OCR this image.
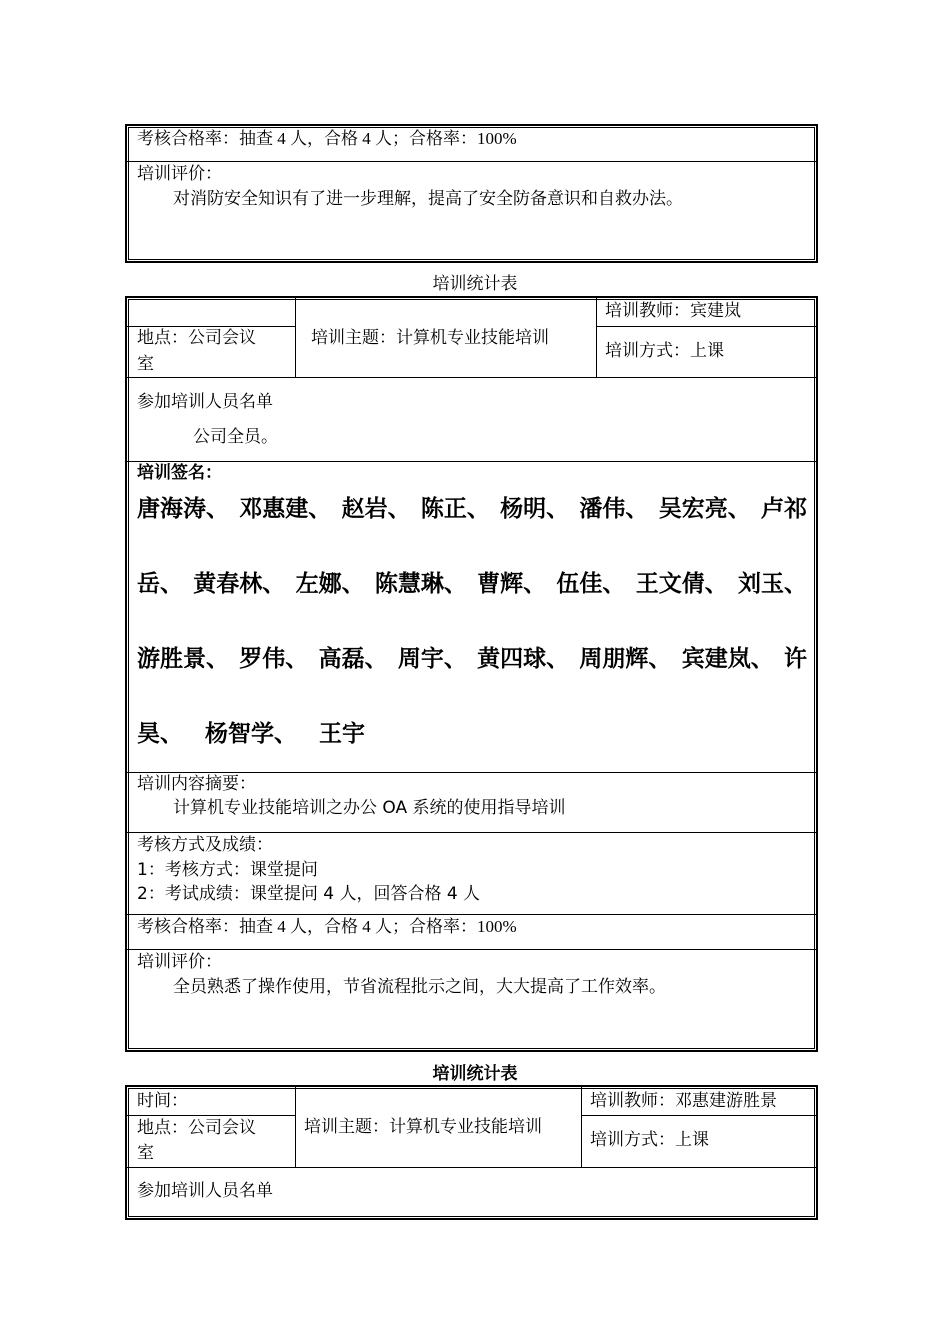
考核合格率：抽查 4 人，合格 4 人；合格率：100%
培训评价：
对消防安全知识有了进一步理解，提高了安全防备意识和自救办法。
培训统计表
培训教师：宾建岚
地点：公司会议
室
培训主题：计算机专业技能培训
培训方式：上课
参加培训人员名单
公司全员。
培训签名：
唐海涛、 邓惠建、 赵岩、 陈正、 杨明、 潘伟、 吴宏亮、 卢祁
岳、 黄春林、 左娜、 陈慧琳、 曹辉、 伍佳、 王文倩、 刘玉、
游胜景、 罗伟、 高磊、 周宇、 黄四球、 周朋辉、 宾建岚、 许
昊、 杨智学、 王宇
培训内容摘要：
计算机专业技能培训之办公 OA 系统的使用指导培训
考核方式及成绩：
1：考核方式：课堂提问
2：考试成绩：课堂提问 4 人，回答合格 4 人
考核合格率：抽查 4 人，合格 4 人；合格率：100%
培训评价：
全员熟悉了操作使用，节省流程批示之间，大大提高了工作效率。
培训统计表
时间：	培训教师：邓惠建游胜景
地点：公司会议
室
培训主题：计算机专业技能培训
培训方式：上课
参加培训人员名单
